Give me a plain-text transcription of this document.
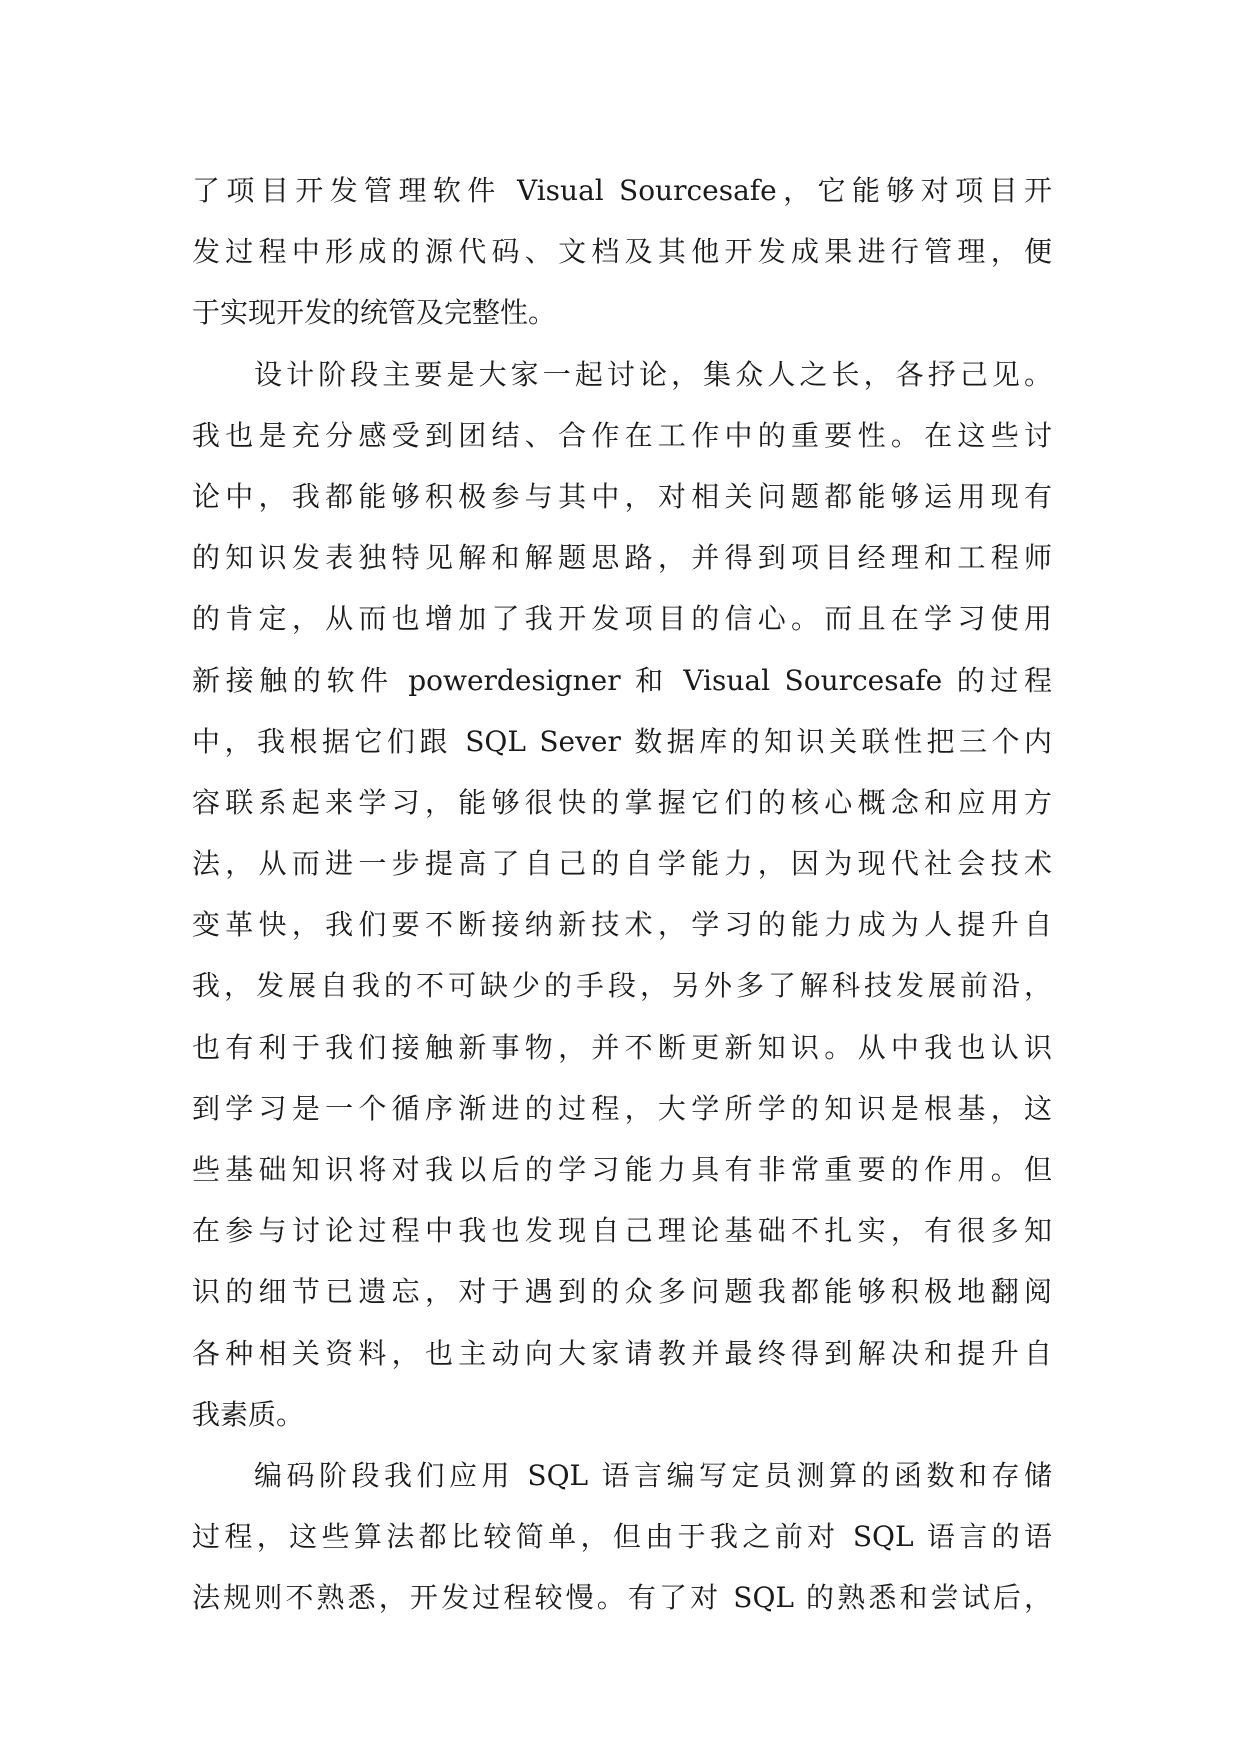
了项目开发管理软件 Visual Sourcesafe，它能够对项目开
发过程中形成的源代码、文档及其他开发成果进行管理，便
于实现开发的统管及完整性。
设计阶段主要是大家一起讨论，集众人之长，各抒己见。
我也是充分感受到团结、合作在工作中的重要性。在这些讨
论中，我都能够积极参与其中，对相关问题都能够运用现有
的知识发表独特见解和解题思路，并得到项目经理和工程师
的肯定，从而也增加了我开发项目的信心。而且在学习使用
新接触的软件 powerdesigner 和 Visual Sourcesafe 的过程
中，我根据它们跟 SQL Sever 数据库的知识关联性把三个内
容联系起来学习，能够很快的掌握它们的核心概念和应用方
法，从而进一步提高了自己的自学能力，因为现代社会技术
变革快，我们要不断接纳新技术，学习的能力成为人提升自
我，发展自我的不可缺少的手段，另外多了解科技发展前沿，
也有利于我们接触新事物，并不断更新知识。从中我也认识
到学习是一个循序渐进的过程，大学所学的知识是根基，这
些基础知识将对我以后的学习能力具有非常重要的作用。但
在参与讨论过程中我也发现自己理论基础不扎实，有很多知
识的细节已遗忘，对于遇到的众多问题我都能够积极地翻阅
各种相关资料，也主动向大家请教并最终得到解决和提升自
我素质。
编码阶段我们应用 SQL 语言编写定员测算的函数和存储
过程，这些算法都比较简单，但由于我之前对 SQL 语言的语
法规则不熟悉，开发过程较慢。有了对 SQL 的熟悉和尝试后，
